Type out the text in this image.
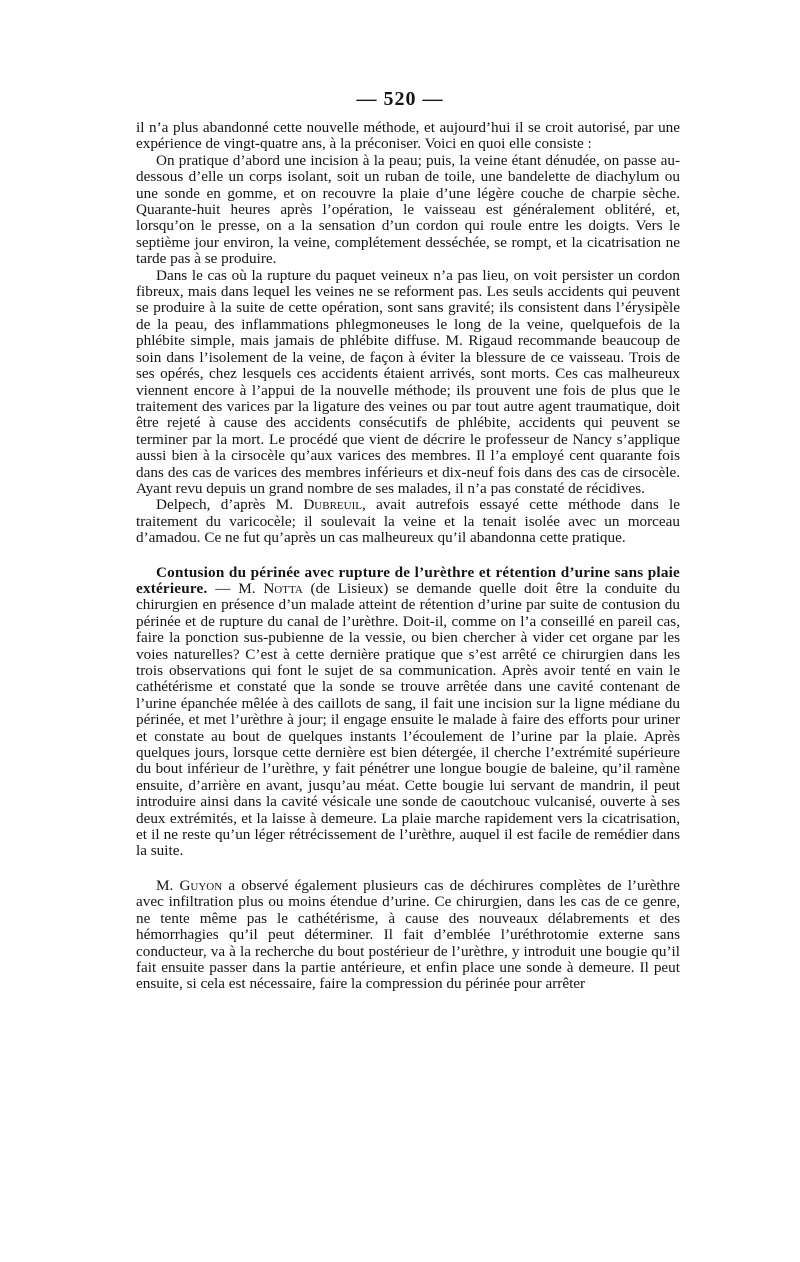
— 520 —

il n’a plus abandonné cette nouvelle méthode, et aujourd’hui il se croit autorisé, par une expérience de vingt-quatre ans, à la préconiser. Voici en quoi elle consiste :

On pratique d’abord une incision à la peau; puis, la veine étant dénudée, on passe au-dessous d’elle un corps isolant, soit un ruban de toile, une bandelette de diachylum ou une sonde en gomme, et on recouvre la plaie d’une légère couche de charpie sèche. Quarante-huit heures après l’opération, le vaisseau est généralement oblitéré, et, lorsqu’on le presse, on a la sensation d’un cordon qui roule entre les doigts. Vers le septième jour environ, la veine, complétement desséchée, se rompt, et la cicatrisation ne tarde pas à se produire.

Dans le cas où la rupture du paquet veineux n’a pas lieu, on voit persister un cordon fibreux, mais dans lequel les veines ne se reforment pas. Les seuls accidents qui peuvent se produire à la suite de cette opération, sont sans gravité; ils consistent dans l’érysipèle de la peau, des inflammations phlegmoneuses le long de la veine, quelquefois de la phlébite simple, mais jamais de phlébite diffuse. M. Rigaud recommande beaucoup de soin dans l’isolement de la veine, de façon à éviter la blessure de ce vaisseau. Trois de ses opérés, chez lesquels ces accidents étaient arrivés, sont morts. Ces cas malheureux viennent encore à l’appui de la nouvelle méthode; ils prouvent une fois de plus que le traitement des varices par la ligature des veines ou par tout autre agent traumatique, doit être rejeté à cause des accidents consécutifs de phlébite, accidents qui peuvent se terminer par la mort. Le procédé que vient de décrire le professeur de Nancy s’applique aussi bien à la cirsocèle qu’aux varices des membres. Il l’a employé cent quarante fois dans des cas de varices des membres inférieurs et dix-neuf fois dans des cas de cirsocèle. Ayant revu depuis un grand nombre de ses malades, il n’a pas constaté de récidives.

Delpech, d’après M. Dubreuil, avait autrefois essayé cette méthode dans le traitement du varicocèle; il soulevait la veine et la tenait isolée avec un morceau d’amadou. Ce ne fut qu’après un cas malheureux qu’il abandonna cette pratique.

Contusion du périnée avec rupture de l’urèthre et rétention d’urine sans plaie extérieure. — M. Notta (de Lisieux) se demande quelle doit être la conduite du chirurgien en présence d’un malade atteint de rétention d’urine par suite de contusion du périnée et de rupture du canal de l’urèthre. Doit-il, comme on l’a conseillé en pareil cas, faire la ponction sus-pubienne de la vessie, ou bien chercher à vider cet organe par les voies naturelles? C’est à cette dernière pratique que s’est arrêté ce chirurgien dans les trois observations qui font le sujet de sa communication. Après avoir tenté en vain le cathétérisme et constaté que la sonde se trouve arrêtée dans une cavité contenant de l’urine épanchée mêlée à des caillots de sang, il fait une incision sur la ligne médiane du périnée, et met l’urèthre à jour; il engage ensuite le malade à faire des efforts pour uriner et constate au bout de quelques instants l’écoulement de l’urine par la plaie. Après quelques jours, lorsque cette dernière est bien détergée, il cherche l’extrémité supérieure du bout inférieur de l’urèthre, y fait pénétrer une longue bougie de baleine, qu’il ramène ensuite, d’arrière en avant, jusqu’au méat. Cette bougie lui servant de mandrin, il peut introduire ainsi dans la cavité vésicale une sonde de caoutchouc vulcanisé, ouverte à ses deux extrémités, et la laisse à demeure. La plaie marche rapidement vers la cicatrisation, et il ne reste qu’un léger rétrécissement de l’urèthre, auquel il est facile de remédier dans la suite.

M. Guyon a observé également plusieurs cas de déchirures complètes de l’urèthre avec infiltration plus ou moins étendue d’urine. Ce chirurgien, dans les cas de ce genre, ne tente même pas le cathétérisme, à cause des nouveaux délabrements et des hémorrhagies qu’il peut déterminer. Il fait d’emblée l’uréthrotomie externe sans conducteur, va à la recherche du bout postérieur de l’urèthre, y introduit une bougie qu’il fait ensuite passer dans la partie antérieure, et enfin place une sonde à demeure. Il peut ensuite, si cela est nécessaire, faire la compression du périnée pour arrêter
